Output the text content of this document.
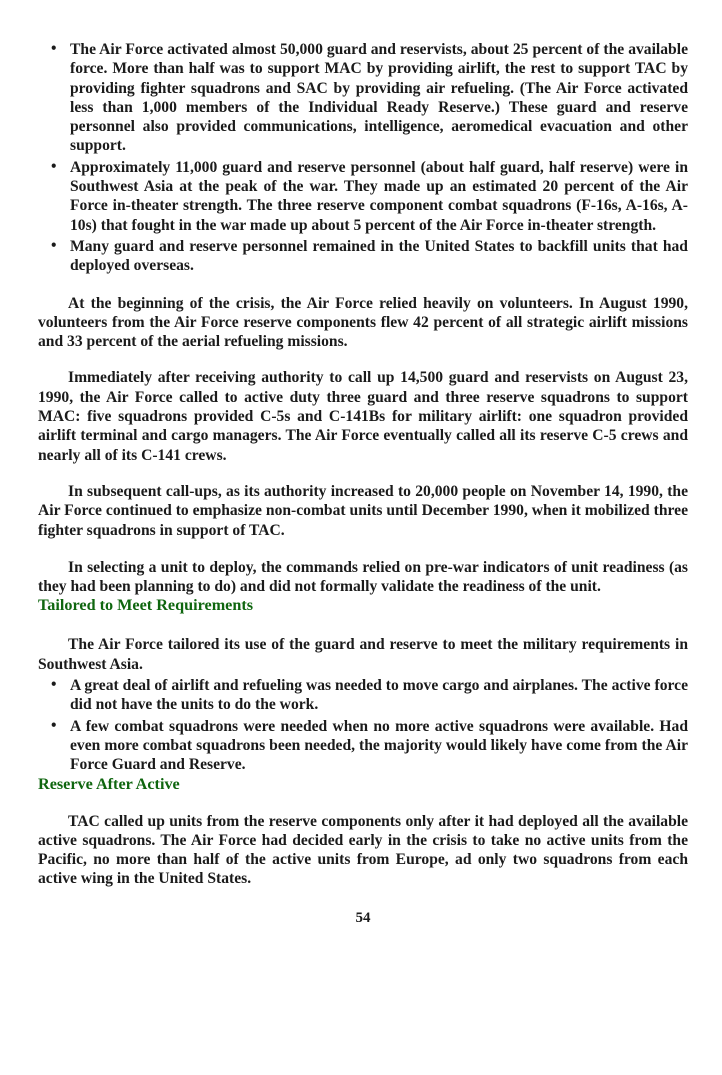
• The Air Force activated almost 50,000 guard and reservists, about 25 percent of the available force. More than half was to support MAC by providing airlift, the rest to support TAC by providing fighter squadrons and SAC by providing air refueling. (The Air Force activated less than 1,000 members of the Individual Ready Reserve.) These guard and reserve personnel also provided communications, intelligence, aeromedical evacuation and other support.
• Approximately 11,000 guard and reserve personnel (about half guard, half reserve) were in Southwest Asia at the peak of the war. They made up an estimated 20 percent of the Air Force in-theater strength. The three reserve component combat squadrons (F-16s, A-16s, A-10s) that fought in the war made up about 5 percent of the Air Force in-theater strength.
• Many guard and reserve personnel remained in the United States to backfill units that had deployed overseas.

At the beginning of the crisis, the Air Force relied heavily on volunteers. In August 1990, volunteers from the Air Force reserve components flew 42 percent of all strategic airlift missions and 33 percent of the aerial refueling missions.

Immediately after receiving authority to call up 14,500 guard and reservists on August 23, 1990, the Air Force called to active duty three guard and three reserve squadrons to support MAC: five squadrons provided C-5s and C-141Bs for military airlift: one squadron provided airlift terminal and cargo managers. The Air Force eventually called all its reserve C-5 crews and nearly all of its C-141 crews.

In subsequent call-ups, as its authority increased to 20,000 people on November 14, 1990, the Air Force continued to emphasize non-combat units until December 1990, when it mobilized three fighter squadrons in support of TAC.

In selecting a unit to deploy, the commands relied on pre-war indicators of unit readiness (as they had been planning to do) and did not formally validate the readiness of the unit.

Tailored to Meet Requirements

The Air Force tailored its use of the guard and reserve to meet the military requirements in Southwest Asia.

• A great deal of airlift and refueling was needed to move cargo and airplanes. The active force did not have the units to do the work.
• A few combat squadrons were needed when no more active squadrons were available. Had even more combat squadrons been needed, the majority would likely have come from the Air Force Guard and Reserve.
Reserve After Active

TAC called up units from the reserve components only after it had deployed all the available active squadrons. The Air Force had decided early in the crisis to take no active units from the Pacific, no more than half of the active units from Europe, ad only two squadrons from each active wing in the United States.

54
